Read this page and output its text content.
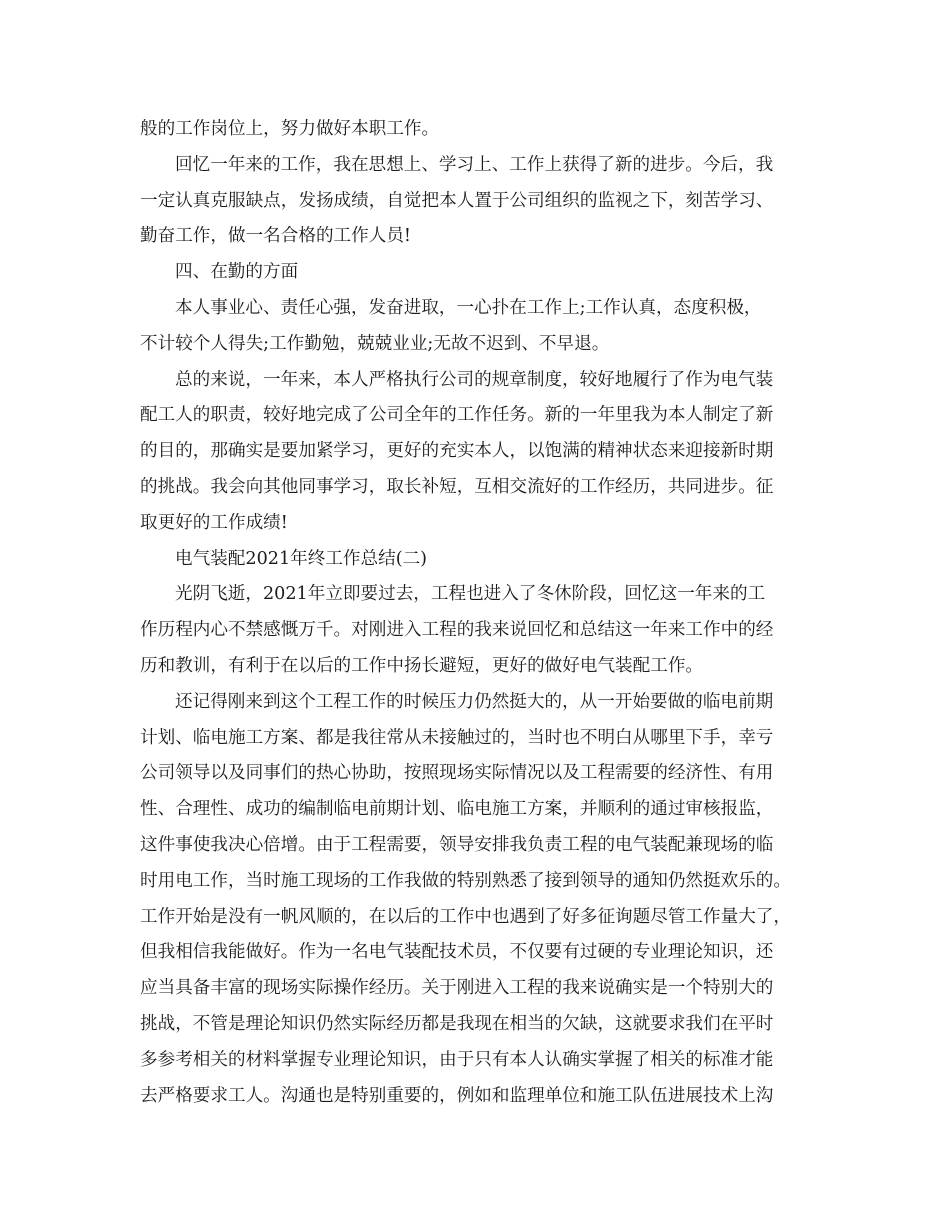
般的工作岗位上，努力做好本职工作。
回忆一年来的工作，我在思想上、学习上、工作上获得了新的进步。今后，我
一定认真克服缺点，发扬成绩，自觉把本人置于公司组织的监视之下，刻苦学习、
勤奋工作，做一名合格的工作人员!
四、在勤的方面
本人事业心、责任心强，发奋进取，一心扑在工作上;工作认真，态度积极，
不计较个人得失;工作勤勉，兢兢业业;无故不迟到、不早退。
总的来说，一年来，本人严格执行公司的规章制度，较好地履行了作为电气装
配工人的职责，较好地完成了公司全年的工作任务。新的一年里我为本人制定了新
的目的，那确实是要加紧学习，更好的充实本人，以饱满的精神状态来迎接新时期
的挑战。我会向其他同事学习，取长补短，互相交流好的工作经历，共同进步。征
取更好的工作成绩!
电气装配2021年终工作总结(二)
光阴飞逝，2021年立即要过去，工程也进入了冬休阶段，回忆这一年来的工
作历程内心不禁感慨万千。对刚进入工程的我来说回忆和总结这一年来工作中的经
历和教训，有利于在以后的工作中扬长避短，更好的做好电气装配工作。
还记得刚来到这个工程工作的时候压力仍然挺大的，从一开始要做的临电前期
计划、临电施工方案、都是我往常从未接触过的，当时也不明白从哪里下手，幸亏
公司领导以及同事们的热心协助，按照现场实际情况以及工程需要的经济性、有用
性、合理性、成功的编制临电前期计划、临电施工方案，并顺利的通过审核报监，
这件事使我决心倍增。由于工程需要，领导安排我负责工程的电气装配兼现场的临
时用电工作，当时施工现场的工作我做的特别熟悉了接到领导的通知仍然挺欢乐的。
工作开始是没有一帆风顺的，在以后的工作中也遇到了好多征询题尽管工作量大了，
但我相信我能做好。作为一名电气装配技术员，不仅要有过硬的专业理论知识，还
应当具备丰富的现场实际操作经历。关于刚进入工程的我来说确实是一个特别大的
挑战，不管是理论知识仍然实际经历都是我现在相当的欠缺，这就要求我们在平时
多参考相关的材料掌握专业理论知识，由于只有本人认确实掌握了相关的标准才能
去严格要求工人。沟通也是特别重要的，例如和监理单位和施工队伍进展技术上沟
